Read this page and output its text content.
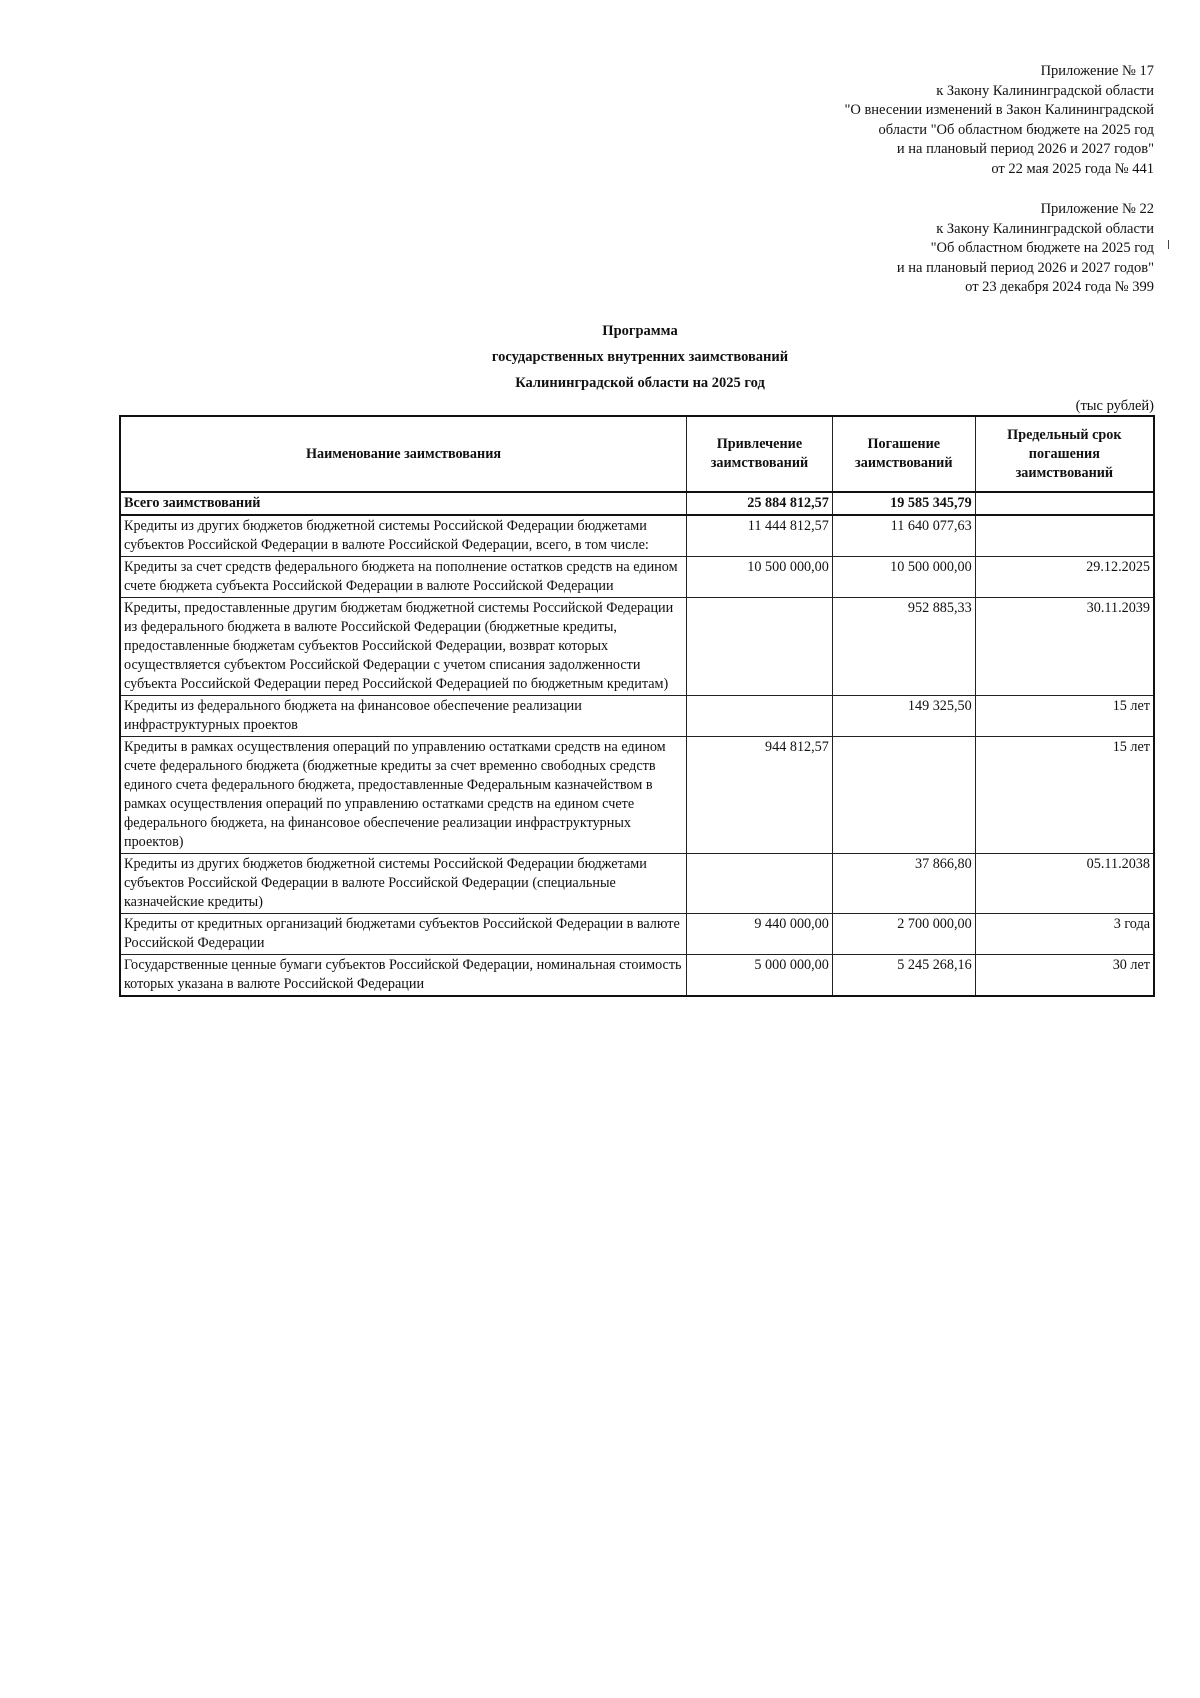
Приложение № 17
к Закону Калининградской области
"О внесении изменений в Закон Калининградской
области "Об областном бюджете на 2025 год
и на плановый период 2026 и 2027 годов"
от 22 мая 2025 года № 441
Приложение № 22
к Закону Калининградской области
"Об областном бюджете на 2025 год
и на плановый период 2026 и 2027 годов"
от 23 декабря 2024 года № 399
Программа
государственных внутренних заимствований
Калининградской области на 2025 год
(тыс рублей)
Наименование заимствования	Привлечение заимствований	Погашение заимствований	Предельный срок погашения заимствований
Всего заимствований	25 884 812,57	19 585 345,79	
Кредиты из других бюджетов бюджетной системы Российской Федерации бюджетами субъектов Российской Федерации в валюте Российской Федерации, всего, в том числе:	11 444 812,57	11 640 077,63	
Кредиты за счет средств федерального бюджета на пополнение остатков средств на едином счете бюджета субъекта Российской Федерации в валюте Российской Федерации	10 500 000,00	10 500 000,00	29.12.2025
Кредиты, предоставленные другим бюджетам бюджетной системы Российской Федерации из федерального бюджета в валюте Российской Федерации (бюджетные кредиты, предоставленные бюджетам субъектов Российской Федерации, возврат которых осуществляется субъектом Российской Федерации с учетом списания задолженности субъекта Российской Федерации перед Российской Федерацией по бюджетным кредитам)		952 885,33	30.11.2039
Кредиты из федерального бюджета на финансовое обеспечение реализации инфраструктурных проектов		149 325,50	15 лет
Кредиты в рамках осуществления операций по управлению остатками средств на едином счете федерального бюджета (бюджетные кредиты за счет временно свободных средств единого счета федерального бюджета, предоставленные Федеральным казначейством в рамках осуществления операций по управлению остатками средств на едином счете федерального бюджета, на финансовое обеспечение реализации инфраструктурных проектов)	944 812,57		15 лет
Кредиты из других бюджетов бюджетной системы Российской Федерации бюджетами субъектов Российской Федерации в валюте Российской Федерации (специальные казначейские кредиты)		37 866,80	05.11.2038
Кредиты от кредитных организаций бюджетами субъектов Российской Федерации в валюте Российской Федерации	9 440 000,00	2 700 000,00	3 года
Государственные ценные бумаги субъектов Российской Федерации, номинальная стоимость которых указана в валюте Российской Федерации	5 000 000,00	5 245 268,16	30 лет
